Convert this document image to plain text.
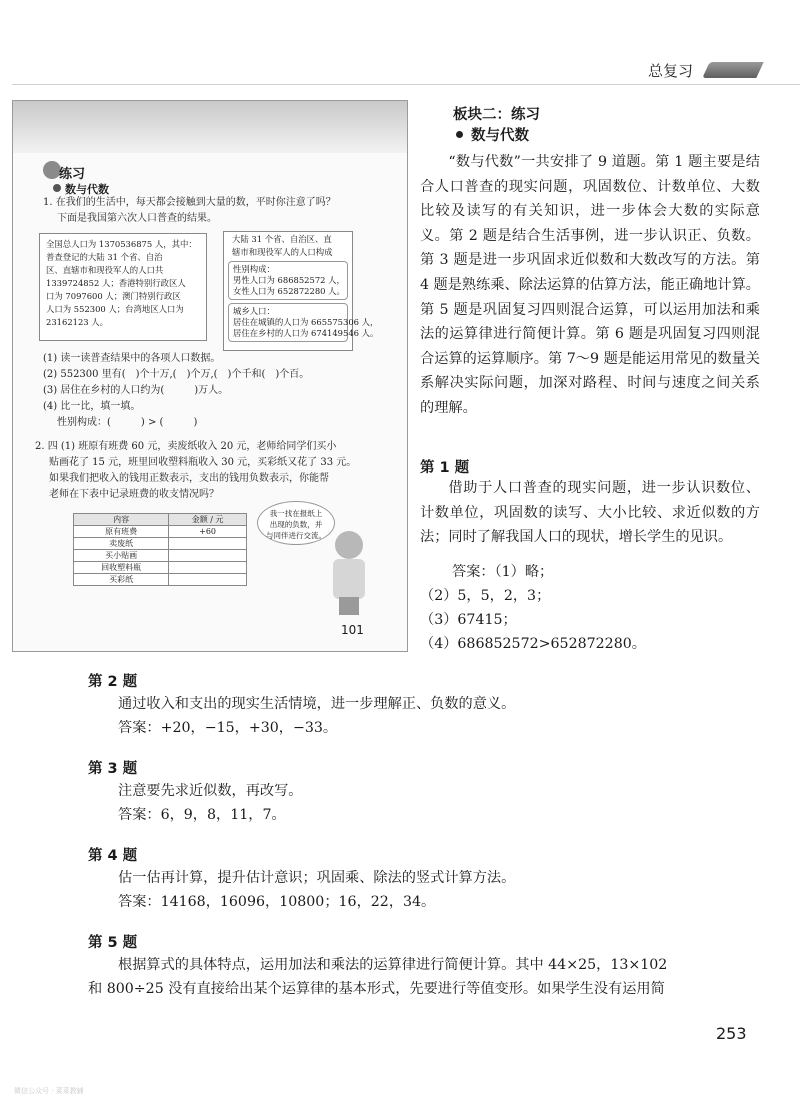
总复习
练习
数与代数
1. 在我们的生活中，每天都会接触到大量的数，平时你注意了吗？
下面是我国第六次人口普查的结果。
全国总人口为 1370536875 人，其中：
普查登记的大陆 31 个省、自治
区、直辖市和现役军人的人口共
1339724852 人；香港特别行政区人
口为 7097600 人；澳门特别行政区
人口为 552300 人；台湾地区人口为
23162123 人。
大陆 31 个省、自治区、直
辖市和现役军人的人口构成
性别构成：
男性人口为 686852572 人，
女性人口为 652872280 人。
城乡人口：
居住在城镇的人口为 665575306 人，
居住在乡村的人口为 674149546 人。
(1) 读一读普查结果中的各项人口数据。
(2) 552300 里有(　)个十万,(　)个万,(　)个千和(　)个百。
(3) 居住在乡村的人口约为(　　　)万人。
(4) 比一比，填一填。
性别构成：(　　　) > (　　　)
2. 四 (1) 班原有班费 60 元，卖废纸收入 20 元，老师给同学们买小
贴画花了 15 元，班里回收塑料瓶收入 30 元，买彩纸又花了 33 元。
如果我们把收入的钱用正数表示，支出的钱用负数表示，你能帮
老师在下表中记录班费的收支情况吗？
内容	金额 / 元
原有班费	+60
卖废纸	
买小贴画	
回收塑料瓶	
买彩纸	
我一找在报纸上
出现的负数，并
与同伴进行交流。
101
板块二：练习
数与代数
“数与代数”一共安排了 9 道题。第 1 题主要是结合人口普查的现实问题，巩固数位、计数单位、大数比较及读写的有关知识，进一步体会大数的实际意义。第 2 题是结合生活事例，进一步认识正、负数。第 3 题是进一步巩固求近似数和大数改写的方法。第 4 题是熟练乘、除法运算的估算方法，能正确地计算。第 5 题是巩固复习四则混合运算，可以运用加法和乘法的运算律进行简便计算。第 6 题是巩固复习四则混合运算的运算顺序。第 7～9 题是能运用常见的数量关系解决实际问题，加深对路程、时间与速度之间关系的理解。
第 1 题
借助于人口普查的现实问题，进一步认识数位、计数单位，巩固数的读写、大小比较、求近似数的方法；同时了解我国人口的现状，增长学生的见识。
答案：（1）略；
（2）5，5，2，3；
（3）67415；
（4）686852572>652872280。
第 2 题
通过收入和支出的现实生活情境，进一步理解正、负数的意义。
答案：+20，−15，+30，−33。
第 3 题
注意要先求近似数，再改写。
答案：6，9，8，11，7。
第 4 题
估一估再计算，提升估计意识；巩固乘、除法的竖式计算方法。
答案：14168，16096，10800；16，22，34。
第 5 题
根据算式的具体特点，运用加法和乘法的运算律进行简便计算。其中 44×25，13×102
和 800÷25 没有直接给出某个运算律的基本形式，先要进行等值变形。如果学生没有运用简
253
微信公众号 · 菜菜教辅
